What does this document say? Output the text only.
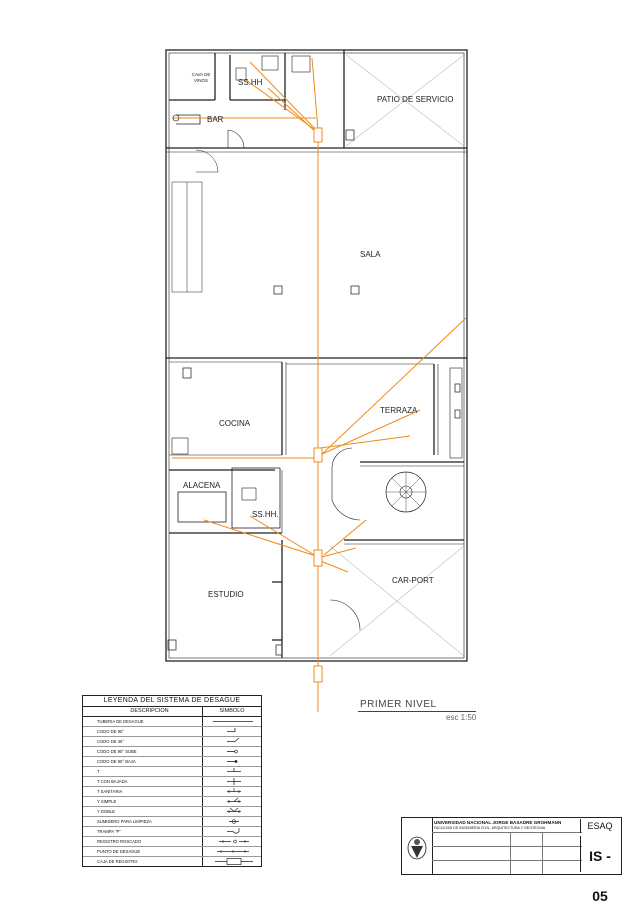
CAVA DE VINOS	SS.HH
BAR
PATIO DE SERVICIO
SALA
COCINA
TERRAZA
ALACENA
SS.HH.
ESTUDIO
CAR-PORT
PRIMER NIVEL
esc 1:50
LEYENDA DEL SISTEMA DE DESAGUE
DESCRIPCION	SIMBOLO
TUBERIA DE DESAGUE
CODO DE 90°
CODO DE 45°
CODO DE 90° SUBE
CODO DE 90° BAJA
T
T CON BAJADA
T SANITARIA
Y SIMPLE
Y DOBLE
SUMIDERO PARA LIMPIEZA
TRAMPA "P"
REGISTRO ROSCADO
PUNTO DE DESAGUE
CAJA DE REGISTRO
UNIVERSIDAD NACIONAL JORGE BASADRE GROHMANN
FACULTAD DE INGENIERIA CIVIL, ARQUITECTURA Y GEOTECNIA	ESAQ
IS - 05
